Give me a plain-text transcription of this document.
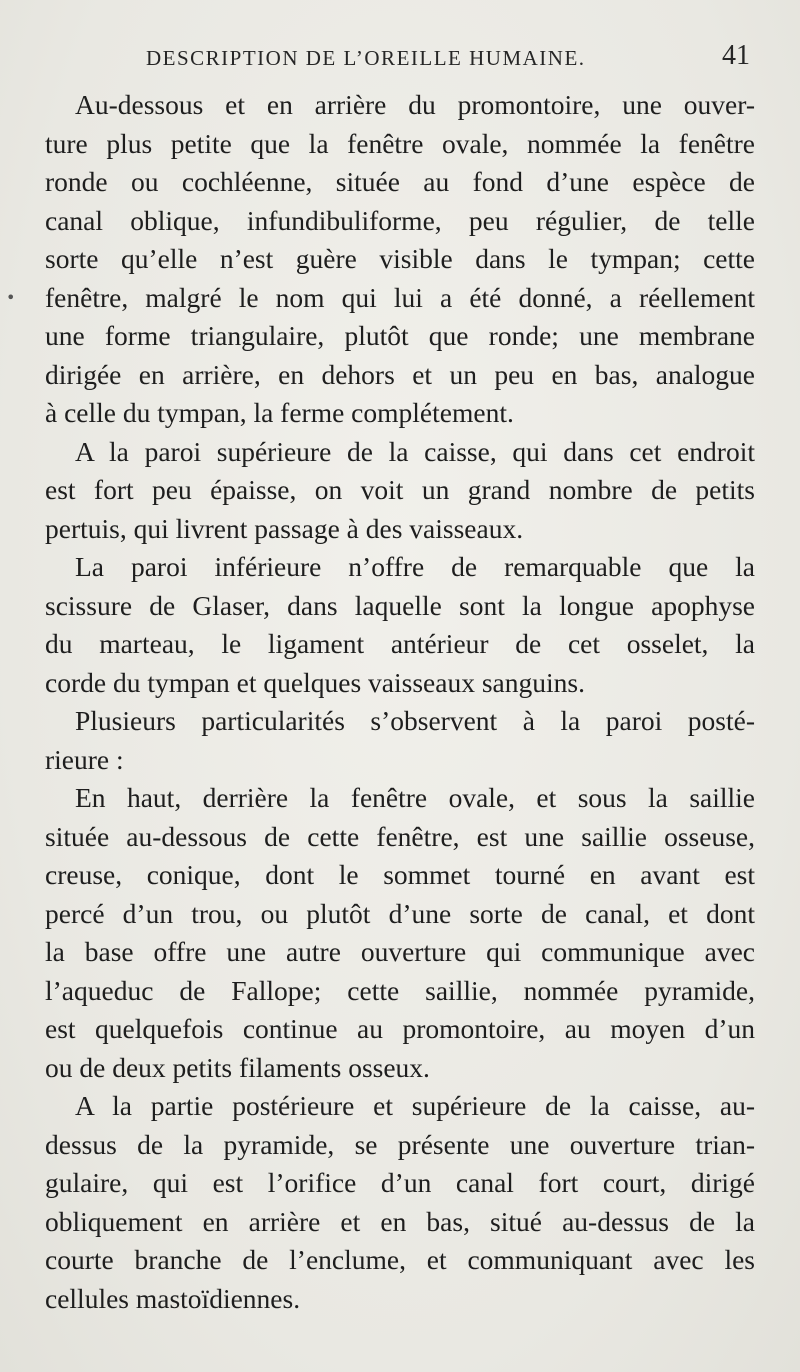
DESCRIPTION DE L’OREILLE HUMAINE.	41
•
Au-dessous et en arrière du promontoire, une ouver-
ture plus petite que la fenêtre ovale, nommée la fenêtre
ronde ou cochléenne, située au fond d’une espèce de
canal oblique, infundibuliforme, peu régulier, de telle
sorte qu’elle n’est guère visible dans le tympan; cette
fenêtre, malgré le nom qui lui a été donné, a réellement
une forme triangulaire, plutôt que ronde; une membrane
dirigée en arrière, en dehors et un peu en bas, analogue
à celle du tympan, la ferme complétement.
A la paroi supérieure de la caisse, qui dans cet endroit
est fort peu épaisse, on voit un grand nombre de petits
pertuis, qui livrent passage à des vaisseaux.
La paroi inférieure n’offre de remarquable que la
scissure de Glaser, dans laquelle sont la longue apophyse
du marteau, le ligament antérieur de cet osselet, la
corde du tympan et quelques vaisseaux sanguins.
Plusieurs particularités s’observent à la paroi posté-
rieure :
En haut, derrière la fenêtre ovale, et sous la saillie
située au-dessous de cette fenêtre, est une saillie osseuse,
creuse, conique, dont le sommet tourné en avant est
percé d’un trou, ou plutôt d’une sorte de canal, et dont
la base offre une autre ouverture qui communique avec
l’aqueduc de Fallope; cette saillie, nommée pyramide,
est quelquefois continue au promontoire, au moyen d’un
ou de deux petits filaments osseux.
A la partie postérieure et supérieure de la caisse, au-
dessus de la pyramide, se présente une ouverture trian-
gulaire, qui est l’orifice d’un canal fort court, dirigé
obliquement en arrière et en bas, situé au-dessus de la
courte branche de l’enclume, et communiquant avec les
cellules mastoïdiennes.
